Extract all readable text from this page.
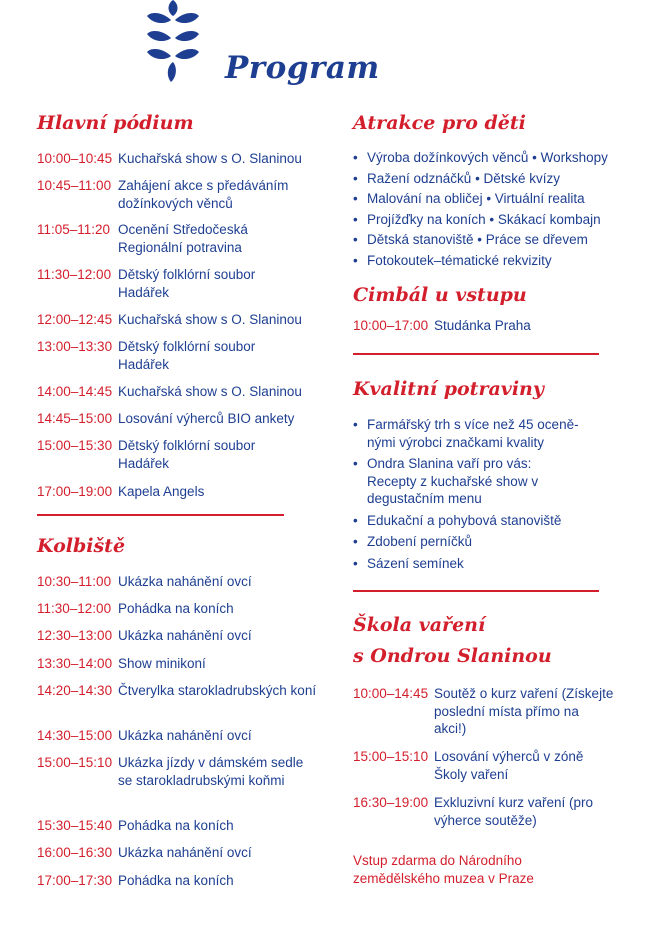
Program
Hlavní pódium
10:00–10:45 Kuchařská show s O. Slaninou
10:45–11:00 Zahájení akce s předáváním dožínkových věnců
11:05–11:20 Ocenění Středočeská Regionální potravina
11:30–12:00 Dětský folklórní soubor Hadářek
12:00–12:45 Kuchařská show s O. Slaninou
13:00–13:30 Dětský folklórní soubor Hadářek
14:00–14:45 Kuchařská show s O. Slaninou
14:45–15:00 Losování výherců BIO ankety
15:00–15:30 Dětský folklórní soubor Hadářek
17:00–19:00 Kapela Angels
Kolbiště
10:30–11:00 Ukázka nahánění ovcí
11:30–12:00 Pohádka na koních
12:30–13:00 Ukázka nahánění ovcí
13:30–14:00 Show minikoní
14:20–14:30 Čtverylka starokladrubských koní
14:30–15:00 Ukázka nahánění ovcí
15:00–15:10 Ukázka jízdy v dámském sedle se starokladrubskými koňmi
15:30–15:40 Pohádka na koních
16:00–16:30 Ukázka nahánění ovcí
17:00–17:30 Pohádka na koních
Atrakce pro děti
• Výroba dožínkových věnců • Workshopy
• Ražení odznáčků • Dětské kvízy
• Malování na obličej • Virtuální realita
• Projížďky na koních • Skákací kombajn
• Dětská stanoviště • Práce se dřevem
• Fotokoutek–tématické rekvizity
Cimbál u vstupu
10:00–17:00 Studánka Praha
Kvalitní potraviny
• Farmářský trh s více než 45 oceně-nými výrobci značkami kvality
• Ondra Slanina vaří pro vás: Recepty z kuchařské show v degustačním menu
• Edukační a pohybová stanoviště
• Zdobení perníčků
• Sázení semínek
Škola vaření
s Ondrou Slaninou
10:00–14:45 Soutěž o kurz vaření (Získejte poslední místa přímo na akci!)
15:00–15:10 Losování výherců v zóně Školy vaření
16:30–19:00 Exkluzivní kurz vaření (pro výherce soutěže)
Vstup zdarma do Národního zemědělského muzea v Praze
